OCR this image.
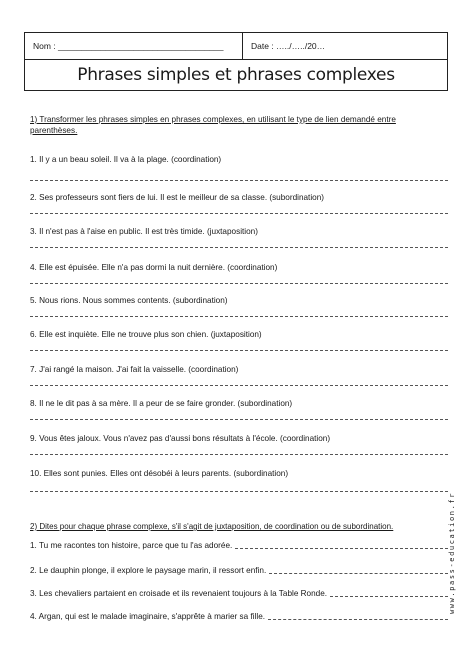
Nom : ___________________________________	Date : …../…../20…
Phrases simples et phrases complexes
1) Transformer les phrases simples en phrases complexes, en utilisant le type de lien demandé entre parenthèses.
1. Il y a un beau soleil. Il va à la plage. (coordination)
2. Ses professeurs sont fiers de lui. Il est le meilleur de sa classe. (subordination)
3. Il n'est pas à l'aise en public. Il est très timide. (juxtaposition)
4. Elle est épuisée. Elle n'a pas dormi la nuit dernière. (coordination)
5. Nous rions. Nous sommes contents. (subordination)
6. Elle est inquiète. Elle ne trouve plus son chien. (juxtaposition)
7. J'ai rangé la maison. J'ai fait la vaisselle. (coordination)
8. Il ne le dit pas à sa mère. Il a peur de se faire gronder. (subordination)
9. Vous êtes jaloux. Vous n'avez pas d'aussi bons résultats à l'école. (coordination)
10. Elles sont punies. Elles ont désobéi à leurs parents. (subordination)
2) Dites pour chaque phrase complexe, s'il s'agit de juxtaposition, de coordination ou de subordination.
1. Tu me racontes ton histoire, parce que tu l'as adorée.
2. Le dauphin plonge, il explore le paysage marin, il ressort enfin.
3. Les chevaliers partaient en croisade et ils revenaient toujours à la Table Ronde.
4. Argan, qui est le malade imaginaire, s'apprête à marier sa fille.
www.pass-education.fr
